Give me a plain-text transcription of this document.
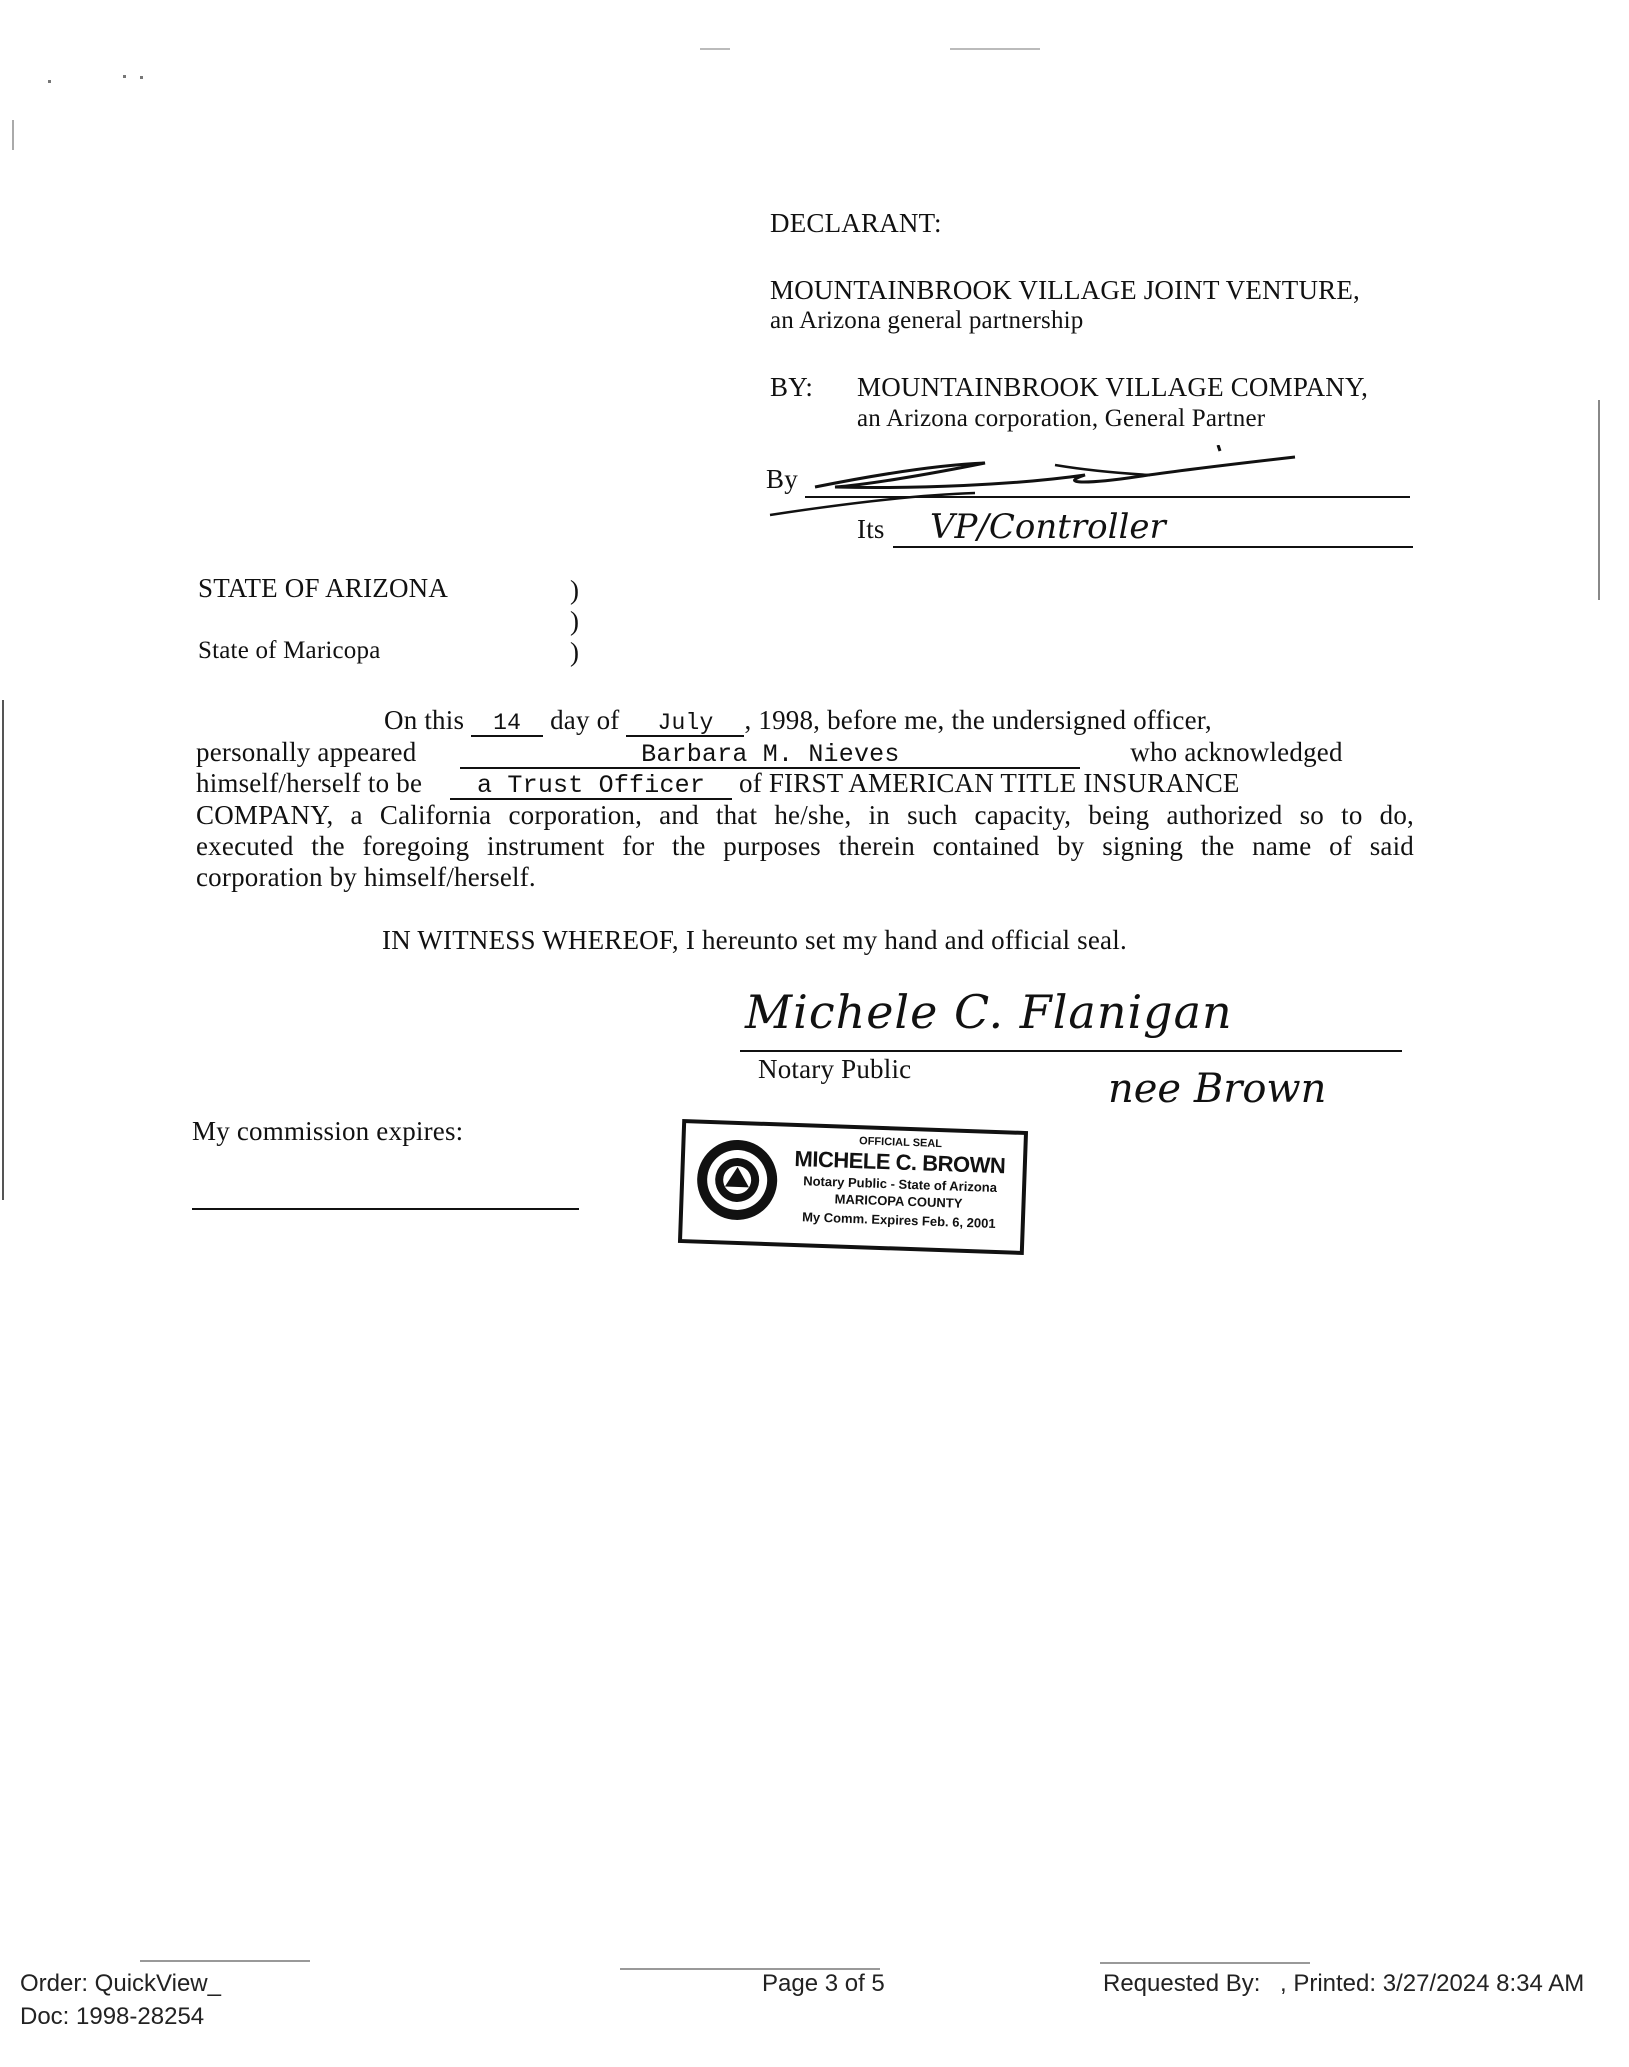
DECLARANT:
MOUNTAINBROOK VILLAGE JOINT VENTURE,
an Arizona general partnership
BY: MOUNTAINBROOK VILLAGE COMPANY,
an Arizona corporation, General Partner
By
Its VP/Controller
STATE OF ARIZONA
State of Maricopa
)
)
)
On this 14 day of July , 1998, before me, the undersigned officer,
personally appeared	Barbara M. Nieves	who acknowledged
himself/herself to be a Trust Officer of FIRST AMERICAN TITLE INSURANCE
COMPANY, a California corporation, and that he/she, in such capacity, being authorized so to do,
executed the foregoing instrument for the purposes therein contained by signing the name of said
corporation by himself/herself.
IN WITNESS WHEREOF, I hereunto set my hand and official seal.
Michele C. Flanigan
Notary Public	nee Brown
My commission expires:	OFFICIAL SEAL
MICHELE C. BROWN
Notary Public - State of Arizona
MARICOPA COUNTY
My Comm. Expires Feb. 6, 2001
Order: QuickView_
Doc: 1998-28254
Page 3 of 5	Requested By: , Printed: 3/27/2024 8:34 AM
